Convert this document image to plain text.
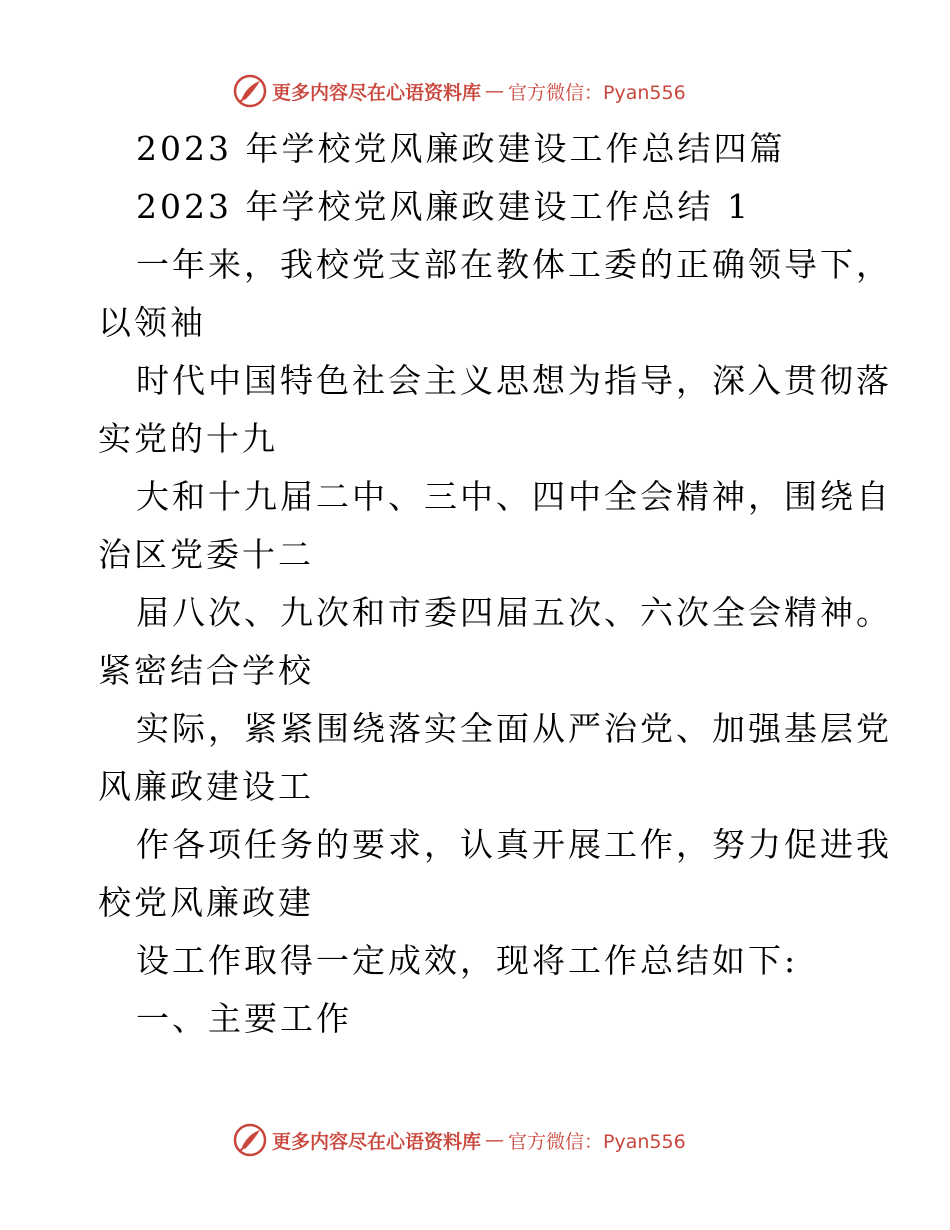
更多内容尽在心语资料库 — 官方微信：Pyan556
2023 年学校党风廉政建设工作总结四篇
2023 年学校党风廉政建设工作总结 1
一年来，我校党支部在教体工委的正确领导下，
以领袖
时代中国特色社会主义思想为指导，深入贯彻落
实党的十九
大和十九届二中、三中、四中全会精神，围绕自
治区党委十二
届八次、九次和市委四届五次、六次全会精神。
紧密结合学校
实际，紧紧围绕落实全面从严治党、加强基层党
风廉政建设工
作各项任务的要求，认真开展工作，努力促进我
校党风廉政建
设工作取得一定成效，现将工作总结如下:
一、主要工作
更多内容尽在心语资料库 — 官方微信：Pyan556
